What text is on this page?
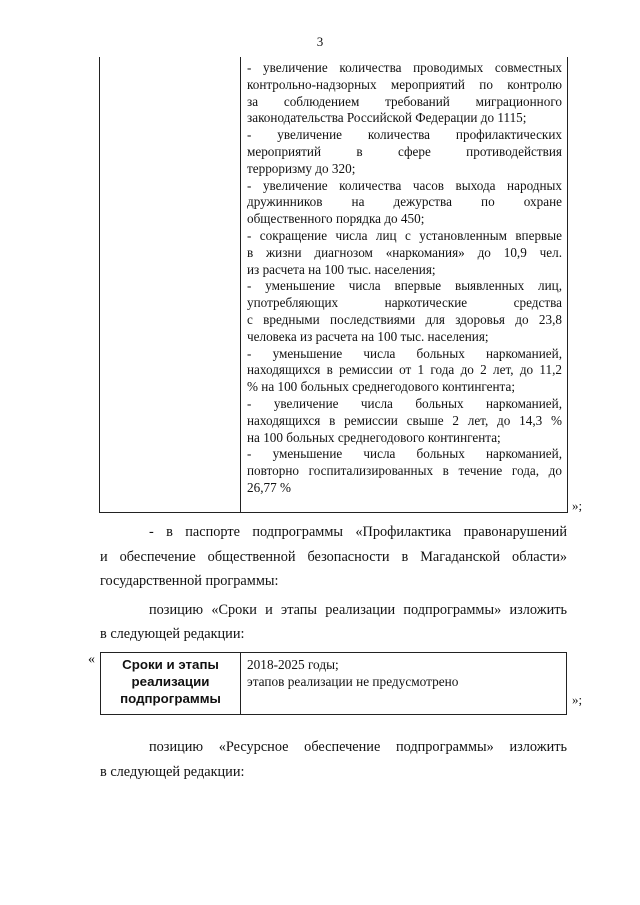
3
- увеличение количества проводимых совместных
контрольно-надзорных мероприятий по контролю
за соблюдением требований миграционного
законодательства Российской Федерации до 1115;
- увеличение количества профилактических
мероприятий в сфере противодействия
терроризму до 320;
- увеличение количества часов выхода народных
дружинников на дежурства по охране
общественного порядка до 450;
- сокращение числа лиц с установленным впервые
в жизни диагнозом «наркомания» до 10,9 чел.
из расчета на 100 тыс. населения;
- уменьшение числа впервые выявленных лиц,
употребляющих наркотические средства
с вредными последствиями для здоровья до 23,8
человека из расчета на 100 тыс. населения;
- уменьшение числа больных наркоманией,
находящихся в ремиссии от 1 года до 2 лет, до 11,2
% на 100 больных среднегодового контингента;
- увеличение числа больных наркоманией,
находящихся в ремиссии свыше 2 лет, до 14,3 %
на 100 больных среднегодового контингента;
- уменьшение числа больных наркоманией,
повторно госпитализированных в течение года, до
26,77 %
»;
- в паспорте подпрограммы «Профилактика правонарушений
и обеспечение общественной безопасности в Магаданской области»
государственной программы:
позицию «Сроки и этапы реализации подпрограммы» изложить
в следующей редакции:
«	Сроки и этапы
реализации
подпрограммы
2018-2025 годы;
этапов реализации не предусмотрено
»;
позицию «Ресурсное обеспечение подпрограммы» изложить
в следующей редакции:
